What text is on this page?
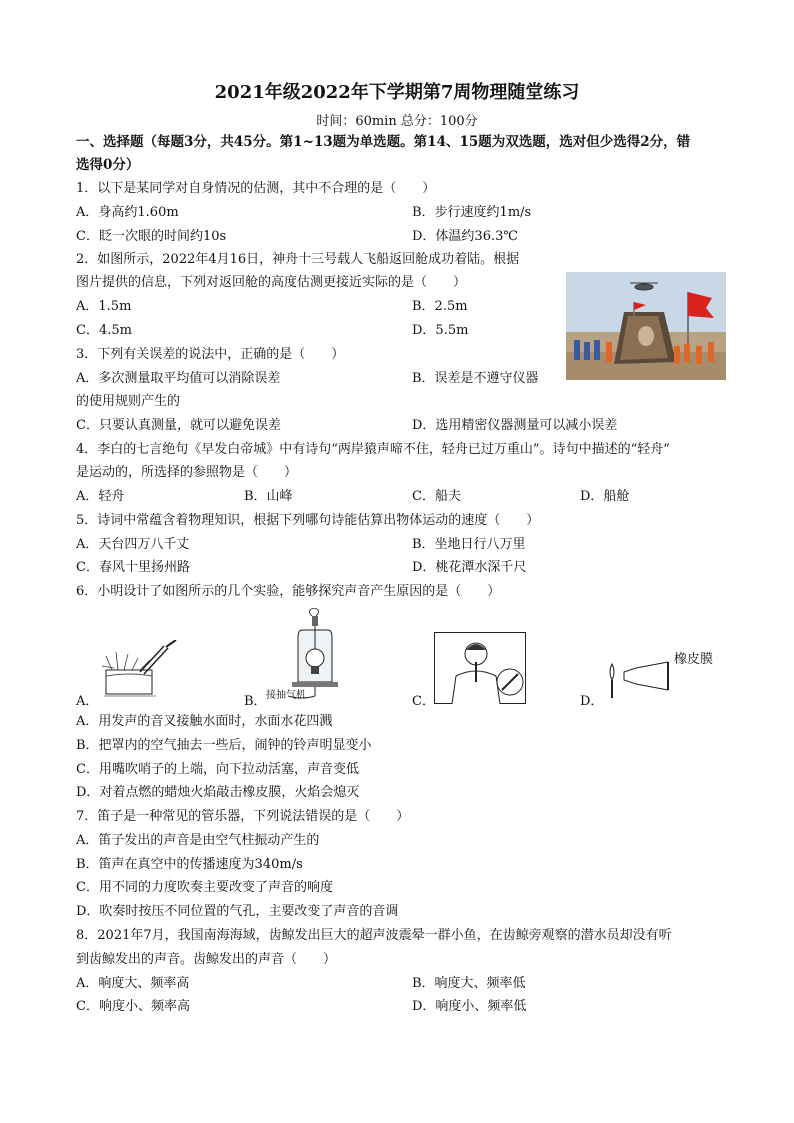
2021年级2022年下学期第7周物理随堂练习
时间：60min 总分：100分
一、选择题（每题3分，共45分。第1~13题为单选题。第14、15题为双选题，选对但少选得2分，错
选得0分）
1．以下是某同学对自身情况的估测，其中不合理的是（　　）
A．身高约1.60m	B．步行速度约1m/s
C．眨一次眼的时间约10s	D．体温约36.3℃
2．如图所示，2022年4月16日，神舟十三号载人飞船返回舱成功着陆。根据
图片提供的信息，下列对返回舱的高度估测更接近实际的是（　　）
A．1.5m	B．2.5m
C．4.5m	D．5.5m
3．下列有关误差的说法中，正确的是（　　）
A．多次测量取平均值可以消除误差	B．误差是不遵守仪器
的使用规则产生的
C．只要认真测量，就可以避免误差	D．选用精密仪器测量可以减小误差
4．李白的七言绝句《早发白帝城》中有诗句“两岸猿声啼不住，轻舟已过万重山”。诗句中描述的“轻舟”
是运动的，所选择的参照物是（　　）
A．轻舟	B．山峰	C．船夫	D．船舱
5．诗词中常蕴含着物理知识，根据下列哪句诗能估算出物体运动的速度（　　）
A．天台四万八千丈	B．坐地日行八万里
C．春风十里扬州路	D．桃花潭水深千尺
6．小明设计了如图所示的几个实验，能够探究声音产生原因的是（　　）
A．	B． 接抽气机	C．	D．
橡皮膜
A．用发声的音叉接触水面时，水面水花四溅
B．把罩内的空气抽去一些后，闹钟的铃声明显变小
C．用嘴吹哨子的上端，向下拉动活塞，声音变低
D．对着点燃的蜡烛火焰敲击橡皮膜，火焰会熄灭
7．笛子是一种常见的管乐器，下列说法错误的是（　　）
A．笛子发出的声音是由空气柱振动产生的
B．笛声在真空中的传播速度为340m/s
C．用不同的力度吹奏主要改变了声音的响度
D．吹奏时按压不同位置的气孔，主要改变了声音的音调
8．2021年7月，我国南海海域，齿鲸发出巨大的超声波震晕一群小鱼，在齿鲸旁观察的潜水员却没有听
到齿鲸发出的声音。齿鲸发出的声音（　　）
A．响度大、频率高	B．响度大、频率低
C．响度小、频率高	D．响度小、频率低
